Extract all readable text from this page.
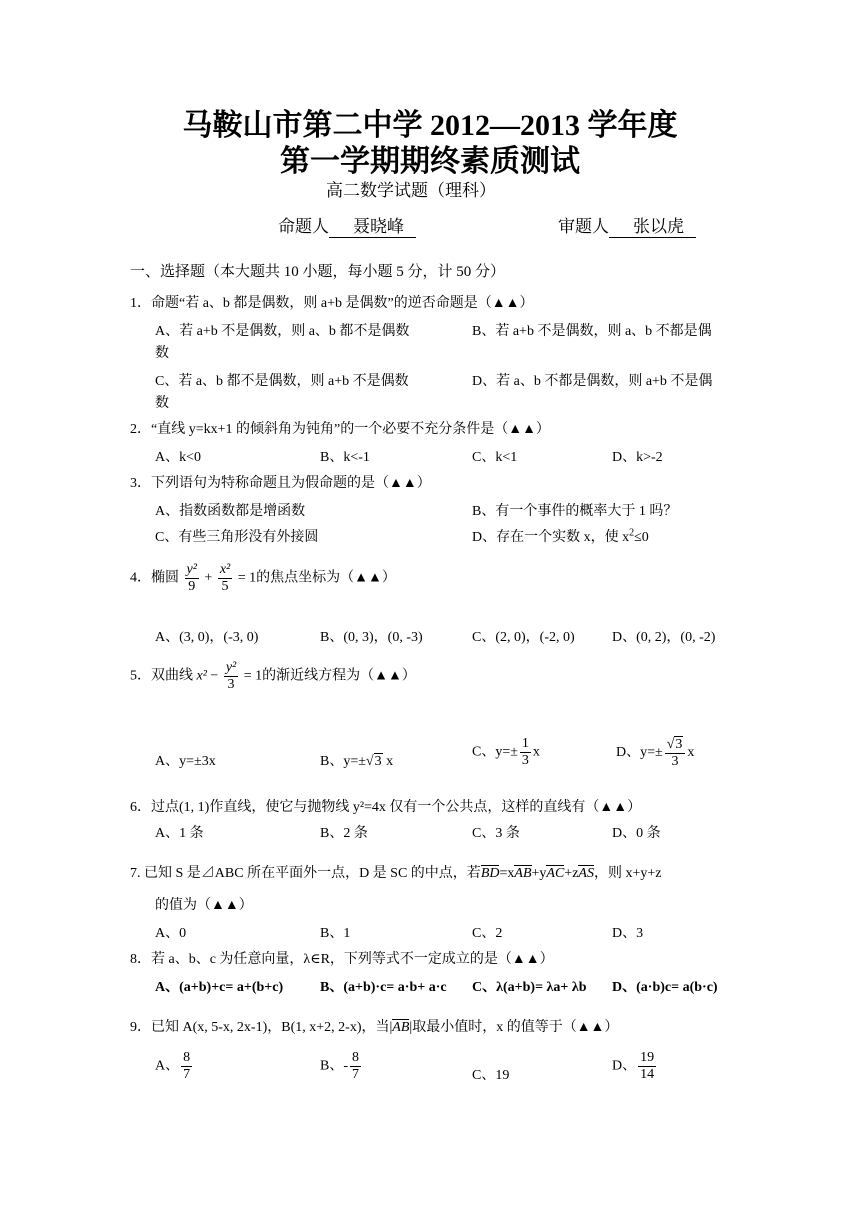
马鞍山市第二中学 2012—2013 学年度
第一学期期终素质测试
高二数学试题（理科）
命题人 聂晓峰	审题人 张以虎
一、选择题（本大题共 10 小题，每小题 5 分，计 50 分）
1．命题“若 a、b 都是偶数，则 a+b 是偶数”的逆否命题是（▲▲）
A、若 a+b 不是偶数，则 a、b 都不是偶数	B、若 a+b 不是偶数，则 a、b 不都是偶
数
C、若 a、b 都不是偶数，则 a+b 不是偶数	D、若 a、b 不都是偶数，则 a+b 不是偶
数
2．“直线 y=kx+1 的倾斜角为钝角”的一个必要不充分条件是（▲▲）
A、k<0	B、k<-1	C、k<1	D、k>-2
3．下列语句为特称命题且为假命题的是（▲▲）
A、指数函数都是增函数	B、有一个事件的概率大于 1 吗？
C、有些三角形没有外接圆	D、存在一个实数 x，使 $x^2\le 0$
4．椭圆 $\frac{\text{y²}}{9} + \frac{\text{x²}}{5} = 1$的焦点坐标为（▲▲）
A、(3, 0)，(-3, 0)	B、(0, 3)，(0, -3)	C、(2, 0)，(-2, 0)	D、(0, 2)，(0, -2)
5．双曲线 $x^2 - \frac{\text{y²}}{3} = 1$的渐近线方程为（▲▲）
A、y=±3x	B、y=±√3 x
C、$y=\pm \frac{1}{3}$ x	D、$y=\pm \frac{√3}{3}$ x
6．过点(1, 1)作直线，使它与抛物线 y²=4x 仅有一个公共点，这样的直线有（▲▲）
A、1 条	B、2 条	C、3 条	D、0 条
7. 已知 S 是⊿ABC 所在平面外一点，D 是 SC 的中点，若BD=xAB+yAC+zAS，则 x+y+z
的值为（▲▲）
A、0	B、1	C、2	D、3
8．若 a、b、c 为任意向量，λ∈R，下列等式不一定成立的是（▲▲）
A、(a+b)+c= a+(b+c)	B、(a+b)·c= a·b+ a·c C、λ(a+b)= λa+ λb D、(a·b)c= a(b·c)
9．已知 A(x, 5-x, 2x-1)，B(1, x+2, 2-x)，当|AB|取最小值时，x 的值等于（▲▲）
A、 $\frac{8}{7}$	B、- $\frac{8}{7}$	C、19
D、 $\frac{19}{14}$
